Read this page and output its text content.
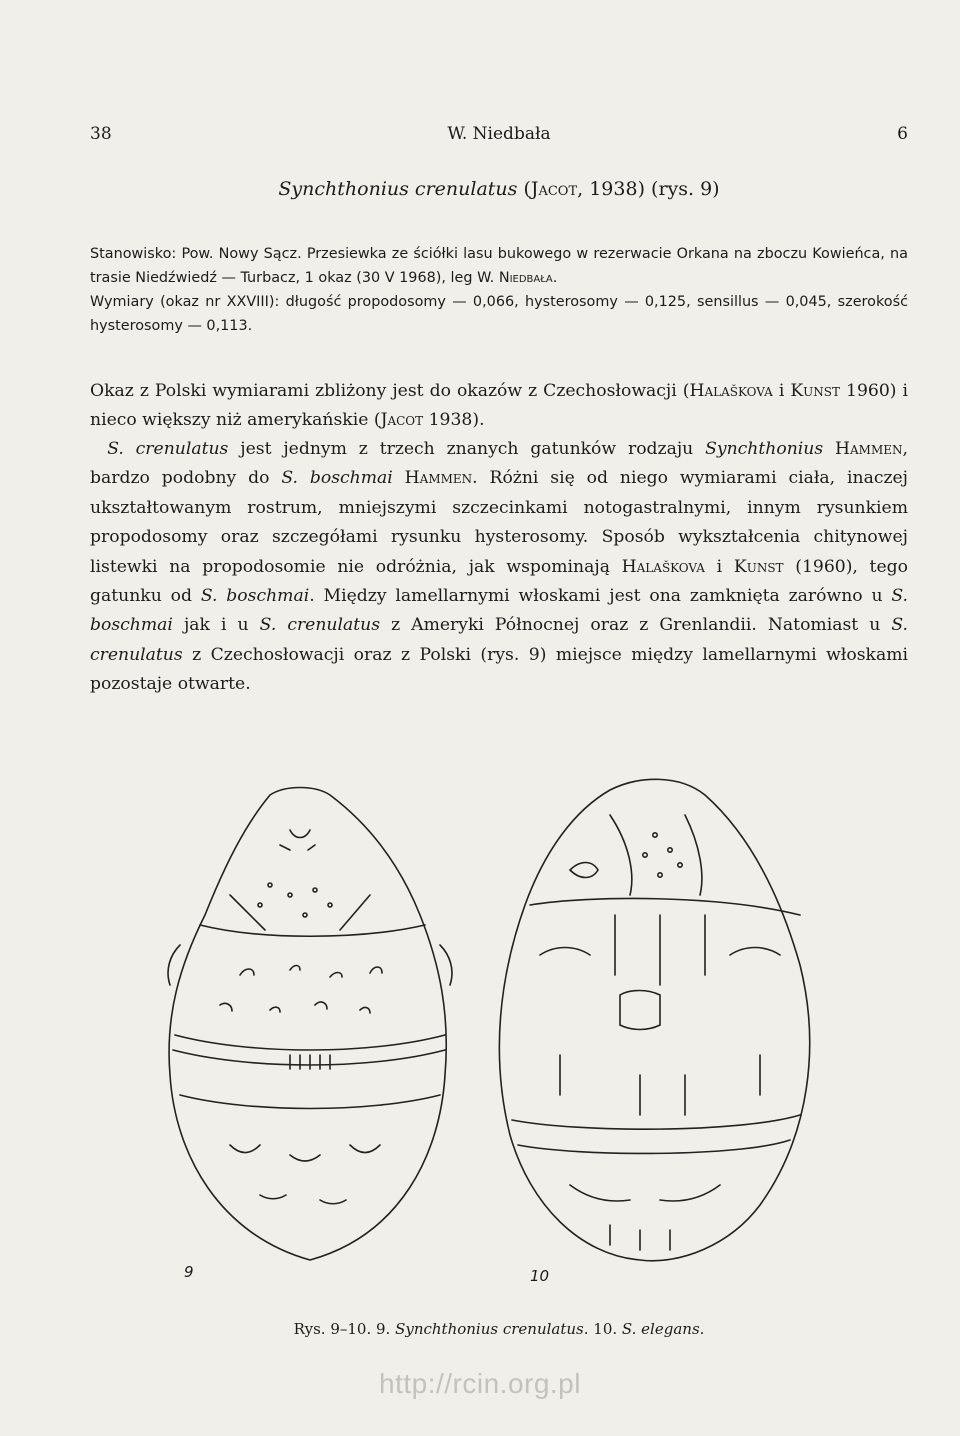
38	W. Niedbała	6
Synchthonius crenulatus (Jacot, 1938) (rys. 9)
Stanowisko: Pow. Nowy Sącz. Przesiewka ze ściółki lasu bukowego w rezerwacie Orkana na zboczu Kowieńca, na trasie Niedźwiedź — Turbacz, 1 okaz (30 V 1968), leg W. Niedbała.
Wymiary (okaz nr XXVIII): długość propodosomy — 0,066, hysterosomy — 0,125, sensillus — 0,045, szerokość hysterosomy — 0,113.
Okaz z Polski wymiarami zbliżony jest do okazów z Czechosłowacji (Halaškova i Kunst 1960) i nieco większy niż amerykańskie (Jacot 1938).
 S. crenulatus jest jednym z trzech znanych gatunków rodzaju Synchthonius Hammen, bardzo podobny do S. boschmai Hammen. Różni się od niego wymiarami ciała, inaczej ukształtowanym rostrum, mniejszymi szczecinkami notogastralnymi, innym rysunkiem propodosomy oraz szczegółami rysunku hysterosomy. Sposób wykształcenia chitynowej listewki na propodosomie nie odróżnia, jak wspominają Halaškova i Kunst (1960), tego gatunku od S. boschmai. Między lamellarnymi włoskami jest ona zamknięta zarówno u S. boschmai jak i u S. crenulatus z Ameryki Północnej oraz z Grenlandii. Natomiast u S. crenulatus z Czechosłowacji oraz z Polski (rys. 9) miejsce między lamellarnymi włoskami pozostaje otwarte.
9	10
Rys. 9–10. 9. Synchthonius crenulatus. 10. S. elegans.
http://rcin.org.pl
